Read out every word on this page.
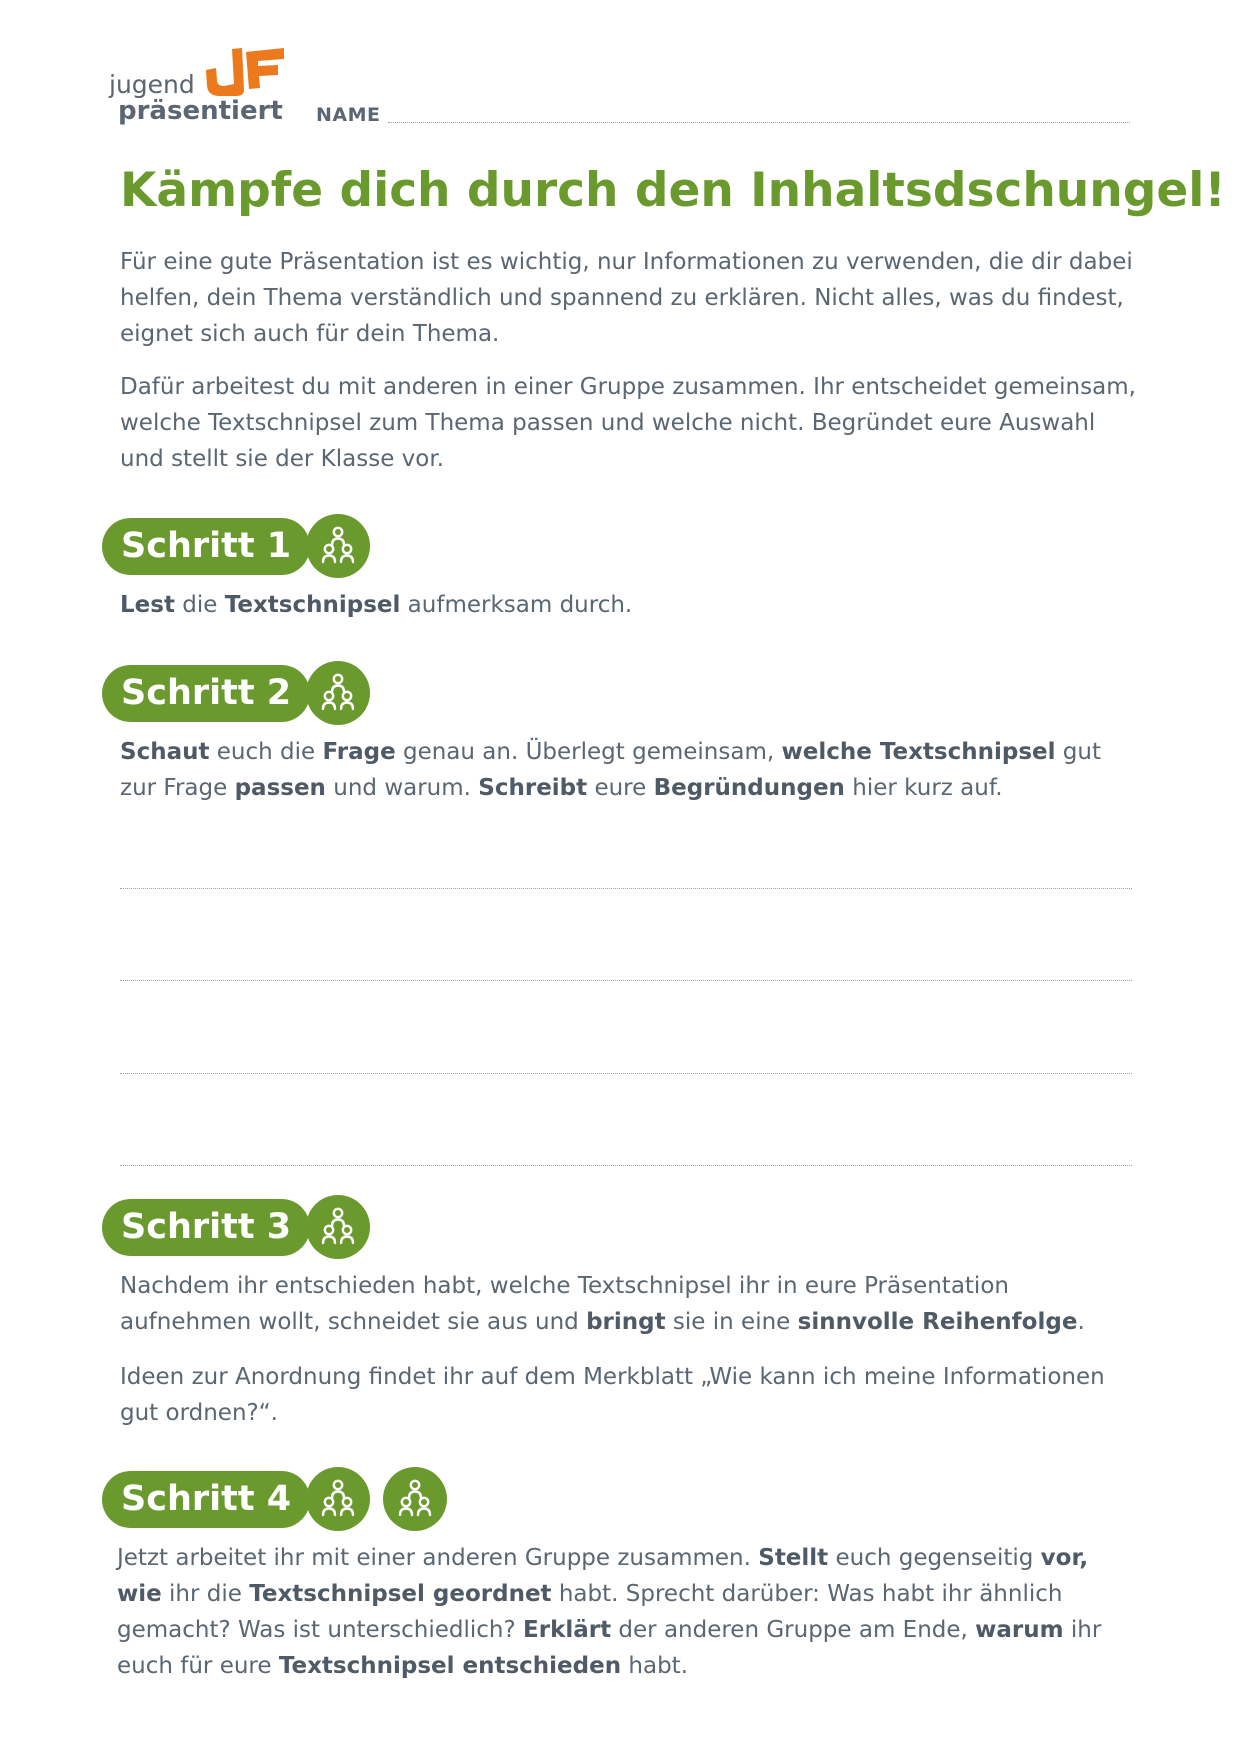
jugend
präsentiert NAME
Kämpfe dich durch den Inhaltsdschungel!

Für eine gute Präsentation ist es wichtig, nur Informationen zu verwenden, die dir dabei helfen, dein Thema verständlich und spannend zu erklären. Nicht alles, was du findest, eignet sich auch für dein Thema.

Dafür arbeitest du mit anderen in einer Gruppe zusammen. Ihr entscheidet gemeinsam, welche Textschnipsel zum Thema passen und welche nicht. Begründet eure Auswahl und stellt sie der Klasse vor.

Schritt 1

Lest die Textschnipsel aufmerksam durch.

Schritt 2

Schaut euch die Frage genau an. Überlegt gemeinsam, welche Textschnipsel gut zur Frage passen und warum. Schreibt eure Begründungen hier kurz auf.

Schritt 3

Nachdem ihr entschieden habt, welche Textschnipsel ihr in eure Präsentation aufnehmen wollt, schneidet sie aus und bringt sie in eine sinnvolle Reihenfolge.

Ideen zur Anordnung findet ihr auf dem Merkblatt „Wie kann ich meine Informationen gut ordnen?“.

Schritt 4

Jetzt arbeitet ihr mit einer anderen Gruppe zusammen. Stellt euch gegenseitig vor, wie ihr die Textschnipsel geordnet habt. Sprecht darüber: Was habt ihr ähnlich gemacht? Was ist unterschiedlich? Erklärt der anderen Gruppe am Ende, warum ihr euch für eure Textschnipsel entschieden habt.
